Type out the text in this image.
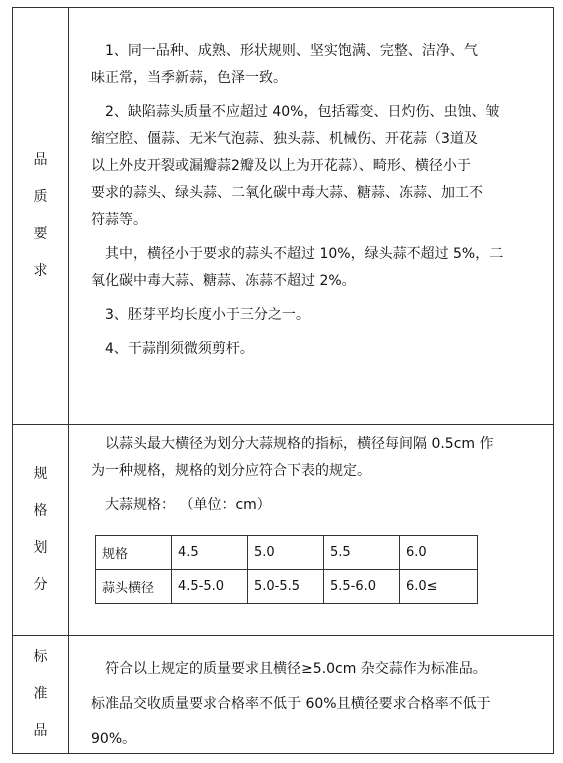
品
质
要
求

1、同一品种、成熟、形状规则、坚实饱满、完整、洁净、气

味正常，当季新蒜，色泽一致。

2、缺陷蒜头质量不应超过 40%，包括霉变、日灼伤、虫蚀、皱

缩空腔、僵蒜、无米气泡蒜、独头蒜、机械伤、开花蒜（3道及

以上外皮开裂或漏瓣蒜2瓣及以上为开花蒜）、畸形、横径小于

要求的蒜头、绿头蒜、二氧化碳中毒大蒜、糖蒜、冻蒜、加工不

符蒜等。

其中，横径小于要求的蒜头不超过 10%，绿头蒜不超过 5%，二

氧化碳中毒大蒜、糖蒜、冻蒜不超过 2%。

3、胚芽平均长度小于三分之一。

4、干蒜削须微须剪杆。

规
格
划
分

以蒜头最大横径为划分大蒜规格的指标，横径每间隔 0.5cm 作

为一种规格，规格的划分应符合下表的规定。

大蒜规格： （单位：cm）

标
准
品

符合以上规定的质量要求且横径≥5.0cm 杂交蒜作为标准品。

标准品交收质量要求合格率不低于 60%且横径要求合格率不低于

90%。

规格	4.5	5.0	5.5	6.0
蒜头横径	4.5-5.0	5.0-5.5	5.5-6.0	6.0≤
